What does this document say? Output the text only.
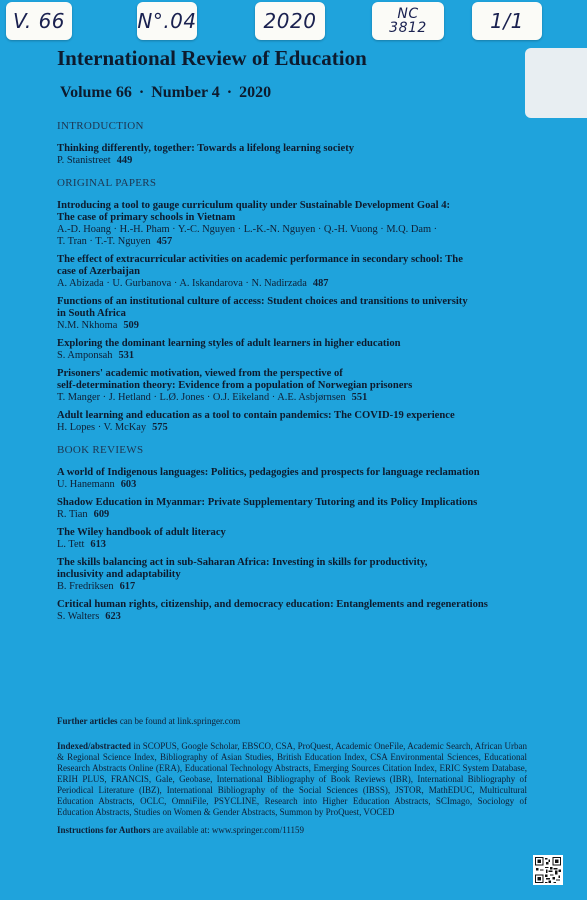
V. 66	N°.04	2020	NC
3812	1/1
International Review of Education
Volume 66 · Number 4 · 2020
INTRODUCTION
Thinking differently, together: Towards a lifelong learning society
P. Stanistreet 449
ORIGINAL PAPERS
Introducing a tool to gauge curriculum quality under Sustainable Development Goal 4:
The case of primary schools in Vietnam
A.-D. Hoang · H.-H. Pham · Y.-C. Nguyen · L.-K.-N. Nguyen · Q.-H. Vuong · M.Q. Dam ·
T. Tran · T.-T. Nguyen 457
The effect of extracurricular activities on academic performance in secondary school: The
case of Azerbaijan
A. Abizada · U. Gurbanova · A. Iskandarova · N. Nadirzada 487
Functions of an institutional culture of access: Student choices and transitions to university
in South Africa
N.M. Nkhoma 509
Exploring the dominant learning styles of adult learners in higher education
S. Amponsah 531
Prisoners' academic motivation, viewed from the perspective of
self-determination theory: Evidence from a population of Norwegian prisoners
T. Manger · J. Hetland · L.Ø. Jones · O.J. Eikeland · A.E. Asbjørnsen 551
Adult learning and education as a tool to contain pandemics: The COVID-19 experience
H. Lopes · V. McKay 575
BOOK REVIEWS
A world of Indigenous languages: Politics, pedagogies and prospects for language reclamation
U. Hanemann 603
Shadow Education in Myanmar: Private Supplementary Tutoring and its Policy Implications
R. Tian 609
The Wiley handbook of adult literacy
L. Tett 613
The skills balancing act in sub-Saharan Africa: Investing in skills for productivity,
inclusivity and adaptability
B. Fredriksen 617
Critical human rights, citizenship, and democracy education: Entanglements and regenerations
S. Walters 623
Further articles can be found at link.springer.com
Indexed/abstracted in SCOPUS, Google Scholar, EBSCO, CSA, ProQuest, Academic OneFile, Academic Search, African Urban & Regional Science Index, Bibliography of Asian Studies, British Education Index, CSA Environmental Sciences, Educational Research Abstracts Online (ERA), Educational Technology Abstracts, Emerging Sources Citation Index, ERIC System Database, ERIH PLUS, FRANCIS, Gale, Geobase, International Bibliography of Book Reviews (IBR), International Bibliography of Periodical Literature (IBZ), International Bibliography of the Social Sciences (IBSS), JSTOR, MathEDUC, Multicultural Education Abstracts, OCLC, OmniFile, PSYCLINE, Research into Higher Education Abstracts, SCImago, Sociology of Education Abstracts, Studies on Women & Gender Abstracts, Summon by ProQuest, VOCED
Instructions for Authors are available at: www.springer.com/11159
